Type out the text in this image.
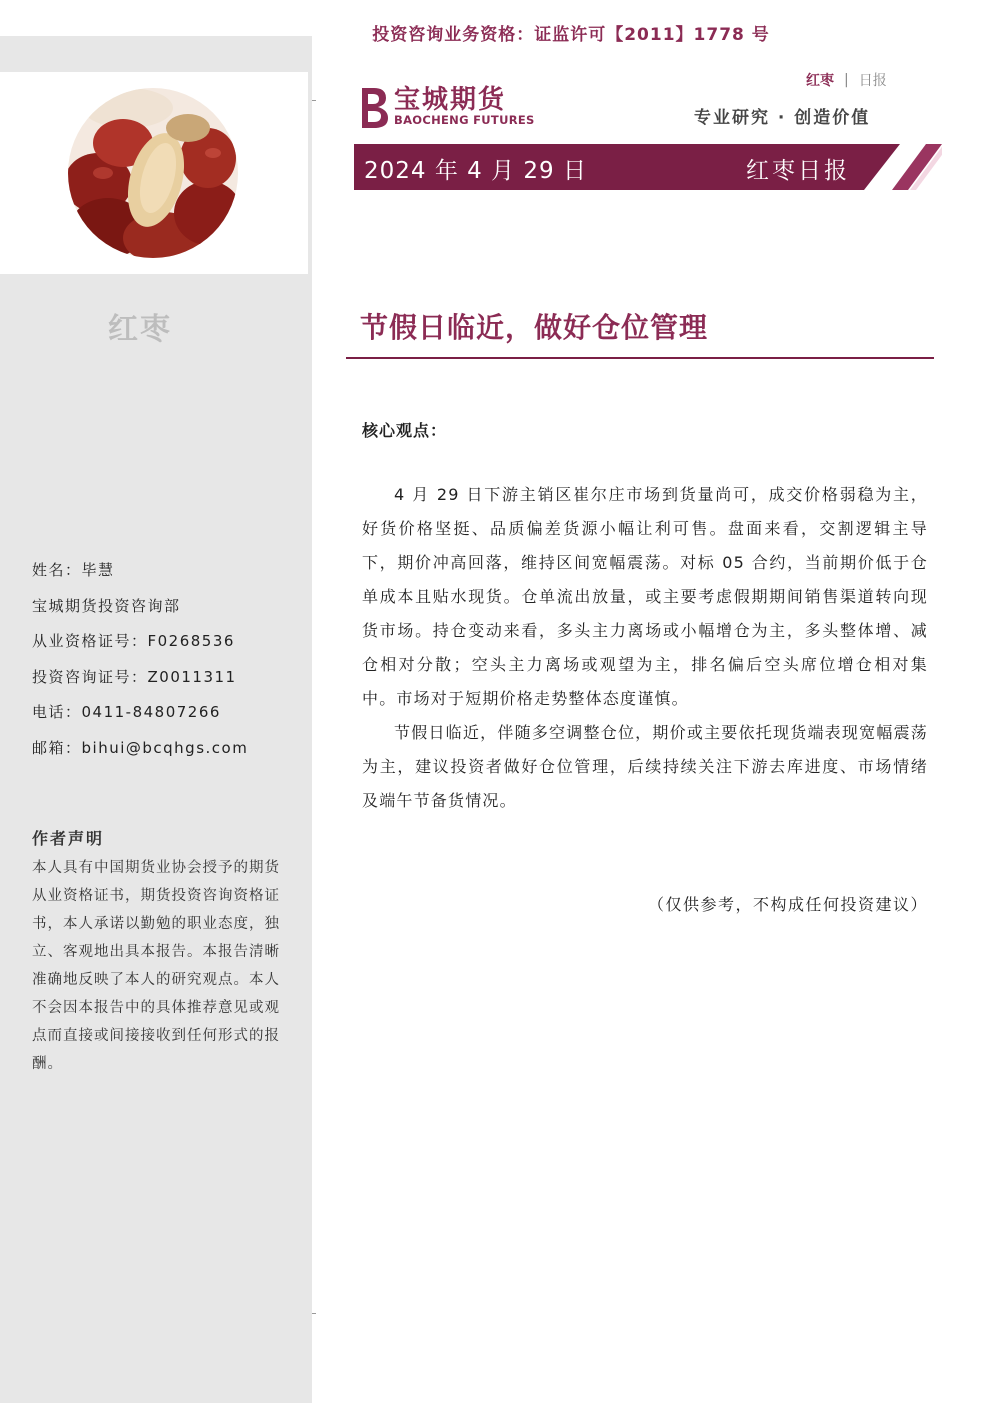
投资咨询业务资格：证监许可【2011】1778 号
红枣
姓名：毕慧
宝城期货投资咨询部
从业资格证号：F0268536
投资咨询证号：Z0011311
电话：0411-84807266
邮箱：bihui@bcqhgs.com
作者声明
本人具有中国期货业协会授予的期货从业资格证书，期货投资咨询资格证书，本人承诺以勤勉的职业态度，独立、客观地出具本报告。本报告清晰准确地反映了本人的研究观点。本人不会因本报告中的具体推荐意见或观点而直接或间接接收到任何形式的报酬。
红枣 | 日报
宝城期货
BAOCHENG FUTURES	专业研究 · 创造价值
2024 年 4 月 29 日	红枣日报
节假日临近，做好仓位管理
核心观点：

4 月 29 日下游主销区崔尔庄市场到货量尚可，成交价格弱稳为主，好货价格坚挺、品质偏差货源小幅让利可售。盘面来看，交割逻辑主导下，期价冲高回落，维持区间宽幅震荡。对标 05 合约，当前期价低于仓单成本且贴水现货。仓单流出放量，或主要考虑假期期间销售渠道转向现货市场。持仓变动来看，多头主力离场或小幅增仓为主，多头整体增、减仓相对分散；空头主力离场或观望为主，排名偏后空头席位增仓相对集中。市场对于短期价格走势整体态度谨慎。

节假日临近，伴随多空调整仓位，期价或主要依托现货端表现宽幅震荡为主，建议投资者做好仓位管理，后续持续关注下游去库进度、市场情绪及端午节备货情况。

（仅供参考，不构成任何投资建议）
